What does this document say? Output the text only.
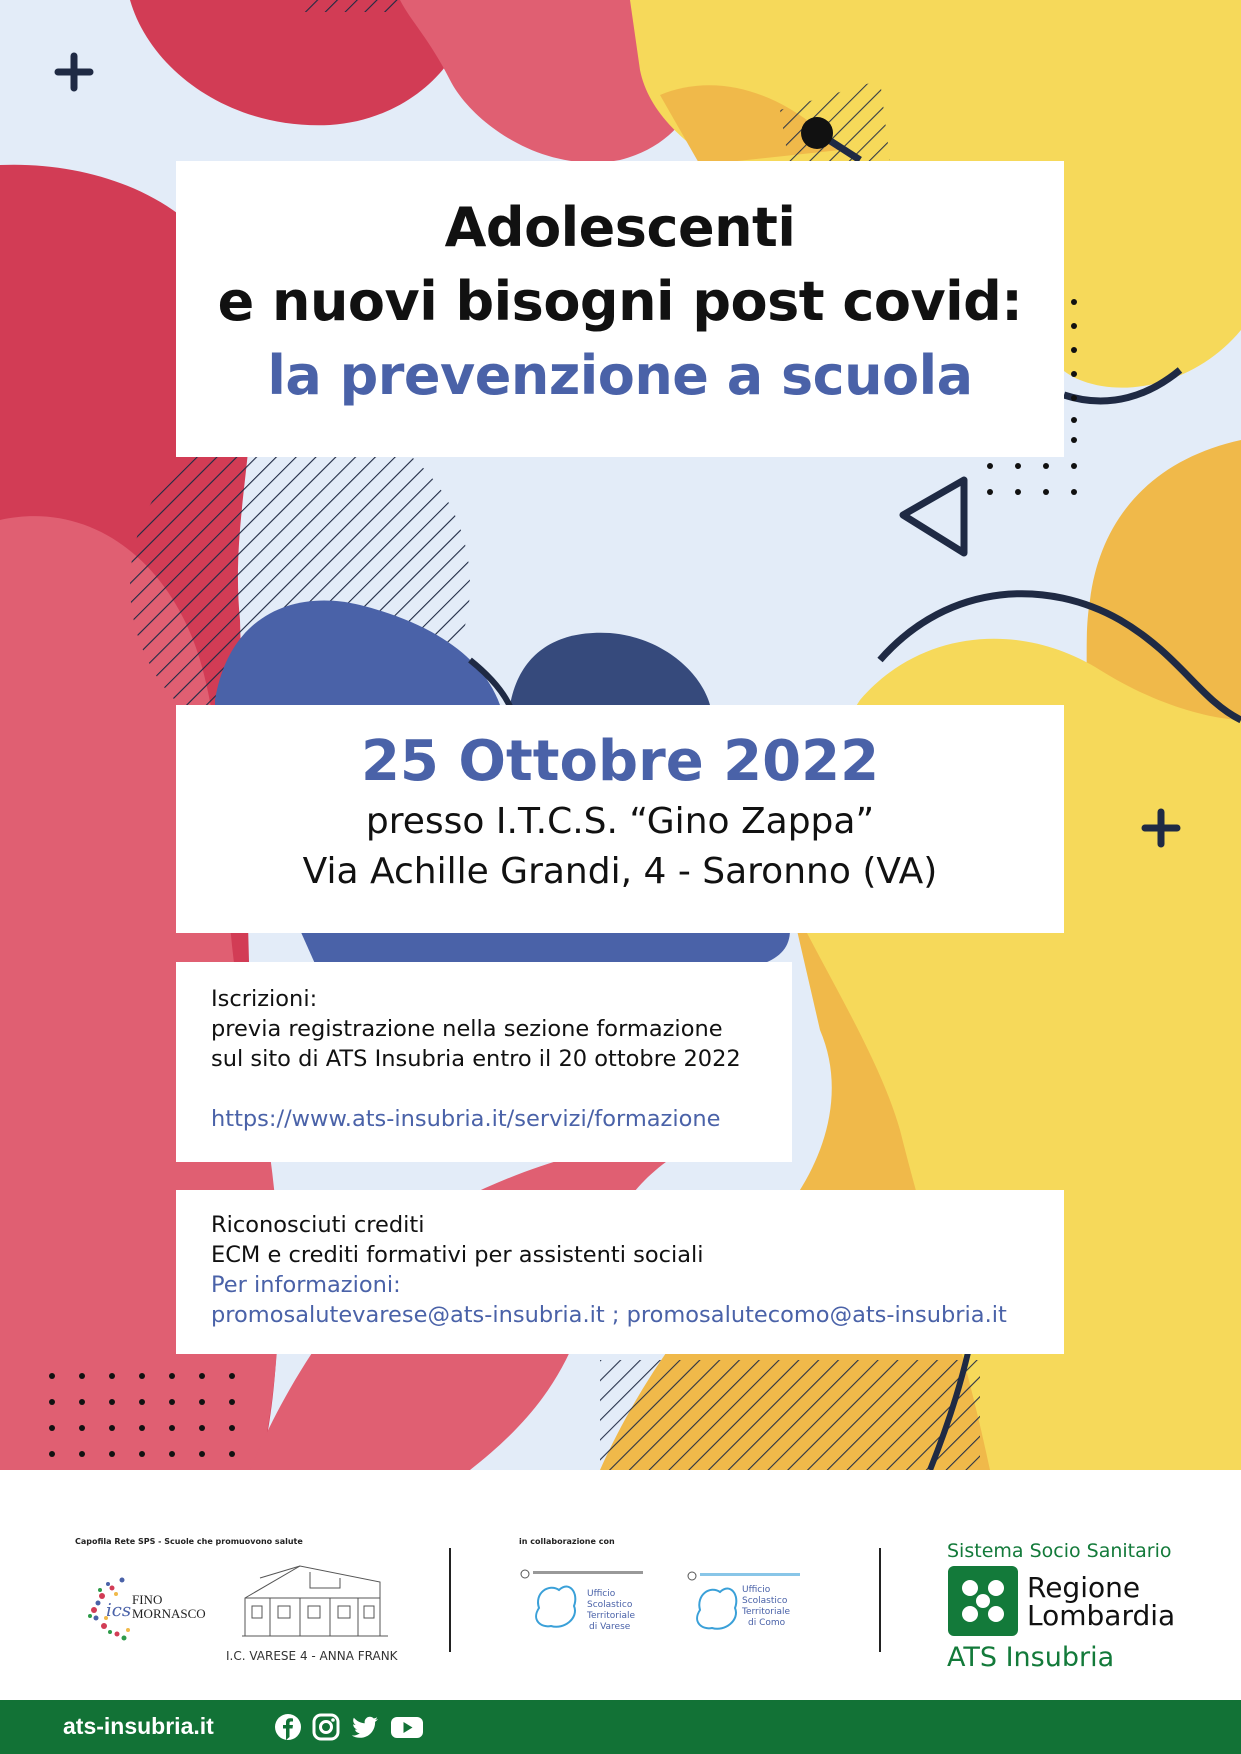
Adolescenti
e nuovi bisogni post covid:
la prevenzione a scuola
25 Ottobre 2022
presso I.T.C.S. “Gino Zappa”
Via Achille Grandi, 4 - Saronno (VA)
Iscrizioni:
previa registrazione nella sezione formazione
sul sito di ATS Insubria entro il 20 ottobre 2022
https://www.ats-insubria.it/servizi/formazione
Riconosciuti crediti
ECM e crediti formativi per assistenti sociali
Per informazioni:
promosalutevarese@ats-insubria.it ; promosalutecomo@ats-insubria.it
Capofila Rete SPS - Scuole che promuovono salute
ics
FINO
MORNASCO
I.C. VARESE 4 - ANNA FRANK
in collaborazione con
Ufficio
Scolastico
Territoriale
di Varese
Ufficio
Scolastico
Territoriale
di Como
Sistema Socio Sanitario
Regione
Lombardia
ATS Insubria
ats-insubria.it
